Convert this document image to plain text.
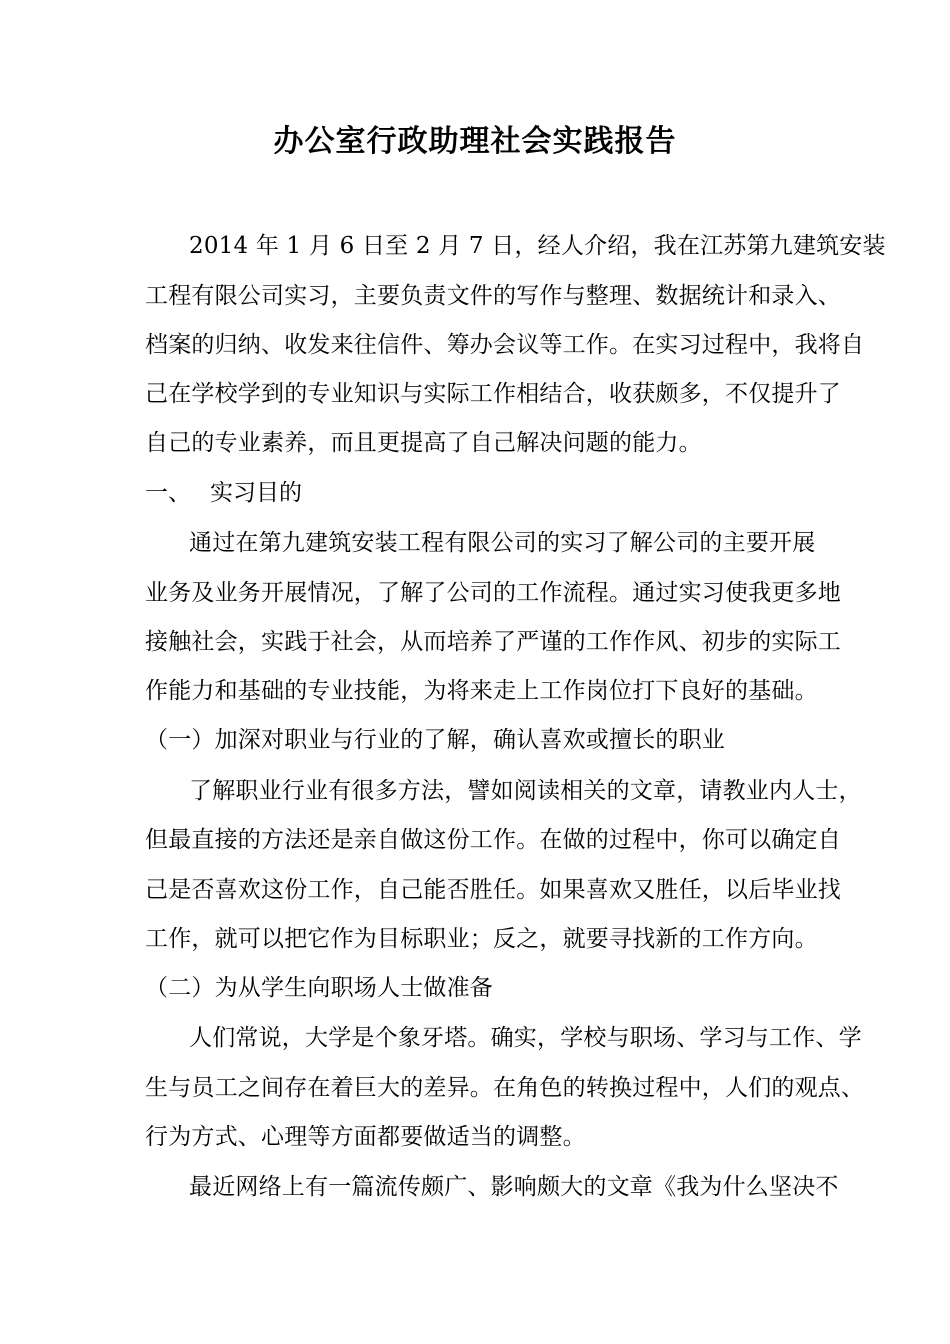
办公室行政助理社会实践报告
2014 年 1 月 6 日至 2 月 7 日，经人介绍，我在江苏第九建筑安装
工程有限公司实习，主要负责文件的写作与整理、数据统计和录入、
档案的归纳、收发来往信件、筹办会议等工作。在实习过程中，我将自
己在学校学到的专业知识与实际工作相结合，收获颇多，不仅提升了
自己的专业素养，而且更提高了自己解决问题的能力。
一、 实习目的
通过在第九建筑安装工程有限公司的实习了解公司的主要开展
业务及业务开展情况，了解了公司的工作流程。通过实习使我更多地
接触社会，实践于社会，从而培养了严谨的工作作风、初步的实际工
作能力和基础的专业技能，为将来走上工作岗位打下良好的基础。
（一）加深对职业与行业的了解，确认喜欢或擅长的职业
了解职业行业有很多方法，譬如阅读相关的文章，请教业内人士，
但最直接的方法还是亲自做这份工作。在做的过程中，你可以确定自
己是否喜欢这份工作，自己能否胜任。如果喜欢又胜任，以后毕业找
工作，就可以把它作为目标职业；反之，就要寻找新的工作方向。
（二）为从学生向职场人士做准备
人们常说，大学是个象牙塔。确实，学校与职场、学习与工作、学
生与员工之间存在着巨大的差异。在角色的转换过程中，人们的观点、
行为方式、心理等方面都要做适当的调整。
最近网络上有一篇流传颇广、影响颇大的文章《我为什么坚决不
